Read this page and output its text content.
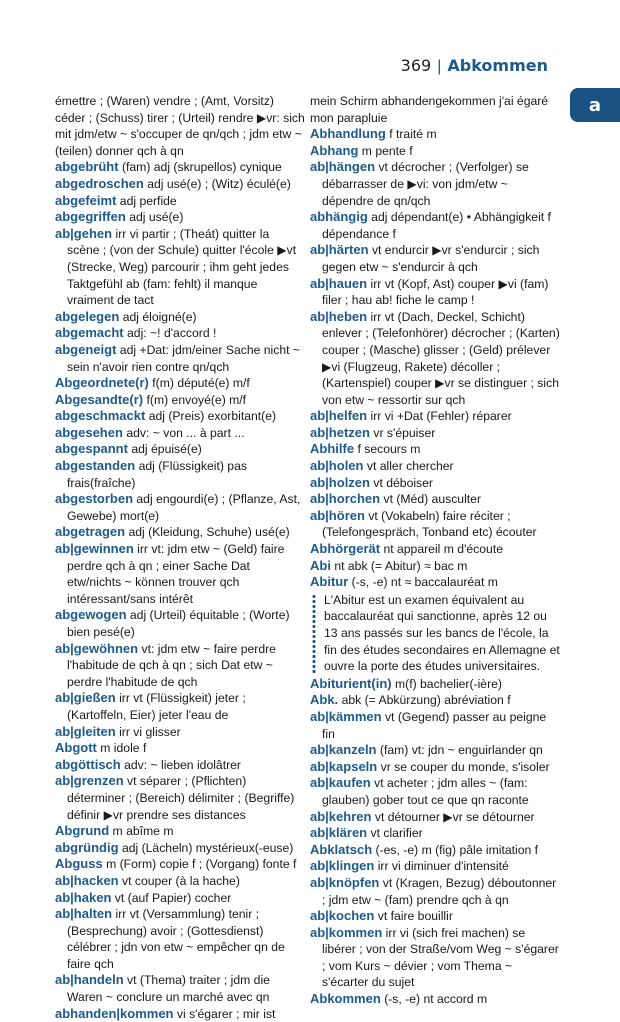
369 | Abkommen
a

émettre ; (Waren) vendre ; (Amt, Vorsitz) céder ; (Schuss) tirer ; (Urteil) rendre ▶vr: sich mit jdm/etw ~ s'occuper de qn/qch ; jdm etw ~ (teilen) donner qch à qn

abgebrüht (fam) adj (skrupellos) cynique

abgedroschen adj usé(e) ; (Witz) éculé(e)

abgefeimt adj perfide

abgegriffen adj usé(e)

ab|gehen irr vi partir ; (Theát) quitter la scène ; (von der Schule) quitter l'école ▶vt (Strecke, Weg) parcourir ; ihm geht jedes Taktgefühl ab (fam: fehlt) il manque vraiment de tact

abgelegen adj éloigné(e)

abgemacht adj: ~! d'accord !

abgeneigt adj +Dat: jdm/einer Sache nicht ~ sein n'avoir rien contre qn/qch

Abgeordnete(r) f(m) député(e) m/f

Abgesandte(r) f(m) envoyé(e) m/f

abgeschmackt adj (Preis) exorbitant(e)

abgesehen adv: ~ von ... à part ...

abgespannt adj épuisé(e)

abgestanden adj (Flüssigkeit) pas frais(fraîche)

abgestorben adj engourdi(e) ; (Pflanze, Ast, Gewebe) mort(e)

abgetragen adj (Kleidung, Schuhe) usé(e)

ab|gewinnen irr vt: jdm etw ~ (Geld) faire perdre qch à qn ; einer Sache Dat etw/nichts ~ können trouver qch intéressant/sans intérêt

abgewogen adj (Urteil) équitable ; (Worte) bien pesé(e)

ab|gewöhnen vt: jdm etw ~ faire perdre l'habitude de qch à qn ; sich Dat etw ~ perdre l'habitude de qch

ab|gießen irr vt (Flüssigkeit) jeter ; (Kartoffeln, Eier) jeter l'eau de

ab|gleiten irr vi glisser

Abgott m idole f

abgöttisch adv: ~ lieben idolâtrer

ab|grenzen vt séparer ; (Pflichten) déterminer ; (Bereich) délimiter ; (Begriffe) définir ▶vr prendre ses distances

Abgrund m abîme m

abgründig adj (Lächeln) mystérieux(-euse)

Abguss m (Form) copie f ; (Vorgang) fonte f

ab|hacken vt couper (à la hache)

ab|haken vt (auf Papier) cocher

ab|halten irr vt (Versammlung) tenir ; (Besprechung) avoir ; (Gottesdienst) célébrer ; jdn von etw ~ empêcher qn de faire qch

ab|handeln vt (Thema) traiter ; jdm die Waren ~ conclure un marché avec qn

abhanden|kommen vi s'égarer ; mir ist

mein Schirm abhandengekommen j'ai égaré mon parapluie

Abhandlung f traité m

Abhang m pente f

ab|hängen vt décrocher ; (Verfolger) se débarrasser de ▶vi: von jdm/etw ~ dépendre de qn/qch

abhängig adj dépendant(e) • Abhängigkeit f dépendance f

ab|härten vt endurcir ▶vr s'endurcir ; sich gegen etw ~ s'endurcir à qch

ab|hauen irr vt (Kopf, Ast) couper ▶vi (fam) filer ; hau ab! fiche le camp !

ab|heben irr vt (Dach, Deckel, Schicht) enlever ; (Telefonhörer) décrocher ; (Karten) couper ; (Masche) glisser ; (Geld) prélever ▶vi (Flugzeug, Rakete) décoller ; (Kartenspiel) couper ▶vr se distinguer ; sich von etw ~ ressortir sur qch

ab|helfen irr vi +Dat (Fehler) réparer

ab|hetzen vr s'épuiser

Abhilfe f secours m

ab|holen vt aller chercher

ab|holzen vt déboiser

ab|horchen vt (Méd) ausculter

ab|hören vt (Vokabeln) faire réciter ; (Telefongespräch, Tonband etc) écouter

Abhörgerät nt appareil m d'écoute

Abi nt abk (= Abitur) ≈ bac m

Abitur (-s, -e) nt ≈ baccalauréat m

L'Abitur est un examen équivalent au baccalauréat qui sanctionne, après 12 ou 13 ans passés sur les bancs de l'école, la fin des études secondaires en Allemagne et ouvre la porte des études universitaires.

Abiturient(in) m(f) bachelier(-ière)

Abk. abk (= Abkürzung) abréviation f

ab|kämmen vt (Gegend) passer au peigne fin

ab|kanzeln (fam) vt: jdn ~ enguirlander qn

ab|kapseln vr se couper du monde, s'isoler

ab|kaufen vt acheter ; jdm alles ~ (fam: glauben) gober tout ce que qn raconte

ab|kehren vt détourner ▶vr se détourner

ab|klären vt clarifier

Abklatsch (-es, -e) m (fig) pâle imitation f

ab|klingen irr vi diminuer d'intensité

ab|knöpfen vt (Kragen, Bezug) déboutonner ; jdm etw ~ (fam) prendre qch à qn

ab|kochen vt faire bouillir

ab|kommen irr vi (sich frei machen) se libérer ; von der Straße/vom Weg ~ s'égarer ; vom Kurs ~ dévier ; vom Thema ~ s'écarter du sujet

Abkommen (-s, -e) nt accord m
